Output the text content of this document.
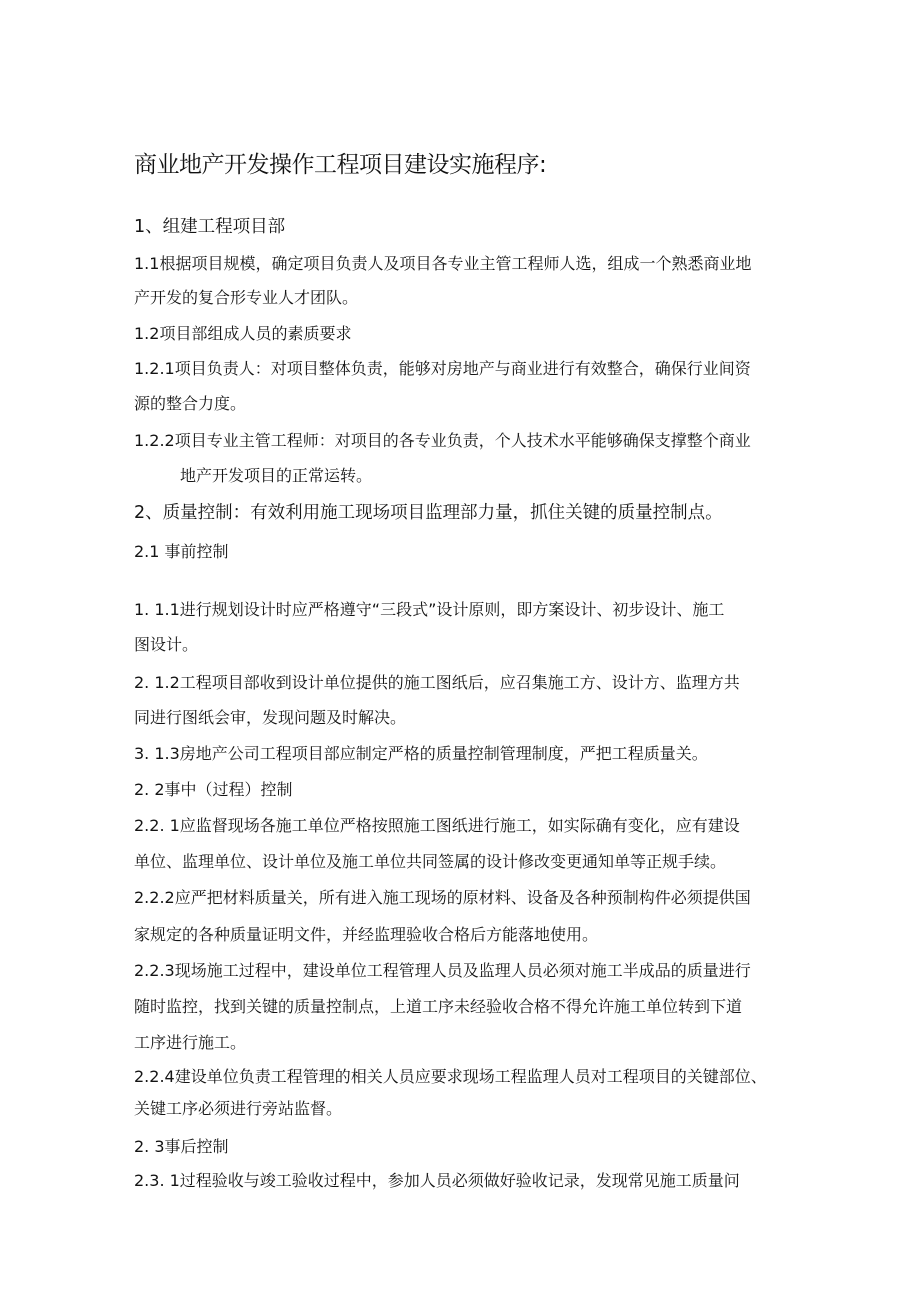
商业地产开发操作工程项目建设实施程序:
1、组建工程项目部
1.1根据项目规模，确定项目负责人及项目各专业主管工程师人选，组成一个熟悉商业地
产开发的复合形专业人才团队。
1.2项目部组成人员的素质要求
1.2.1项目负责人：对项目整体负责，能够对房地产与商业进行有效整合，确保行业间资
源的整合力度。
1.2.2项目专业主管工程师：对项目的各专业负责，个人技术水平能够确保支撑整个商业
地产开发项目的正常运转。
2、质量控制：有效利用施工现场项目监理部力量，抓住关键的质量控制点。
2.1 事前控制
1. 1.1进行规划设计时应严格遵守“三段式”设计原则，即方案设计、初步设计、施工
图设计。
2. 1.2工程项目部收到设计单位提供的施工图纸后，应召集施工方、设计方、监理方共
同进行图纸会审，发现问题及时解决。
3. 1.3房地产公司工程项目部应制定严格的质量控制管理制度，严把工程质量关。
2. 2事中（过程）控制
2.2. 1应监督现场各施工单位严格按照施工图纸进行施工，如实际确有变化，应有建设
单位、监理单位、设计单位及施工单位共同签属的设计修改变更通知单等正规手续。
2.2.2应严把材料质量关，所有进入施工现场的原材料、设备及各种预制构件必须提供国
家规定的各种质量证明文件，并经监理验收合格后方能落地使用。
2.2.3现场施工过程中，建设单位工程管理人员及监理人员必须对施工半成品的质量进行
随时监控，找到关键的质量控制点，上道工序未经验收合格不得允许施工单位转到下道
工序进行施工。
2.2.4建设单位负责工程管理的相关人员应要求现场工程监理人员对工程项目的关键部位、
关键工序必须进行旁站监督。
2. 3事后控制
2.3. 1过程验收与竣工验收过程中，参加人员必须做好验收记录，发现常见施工质量问
